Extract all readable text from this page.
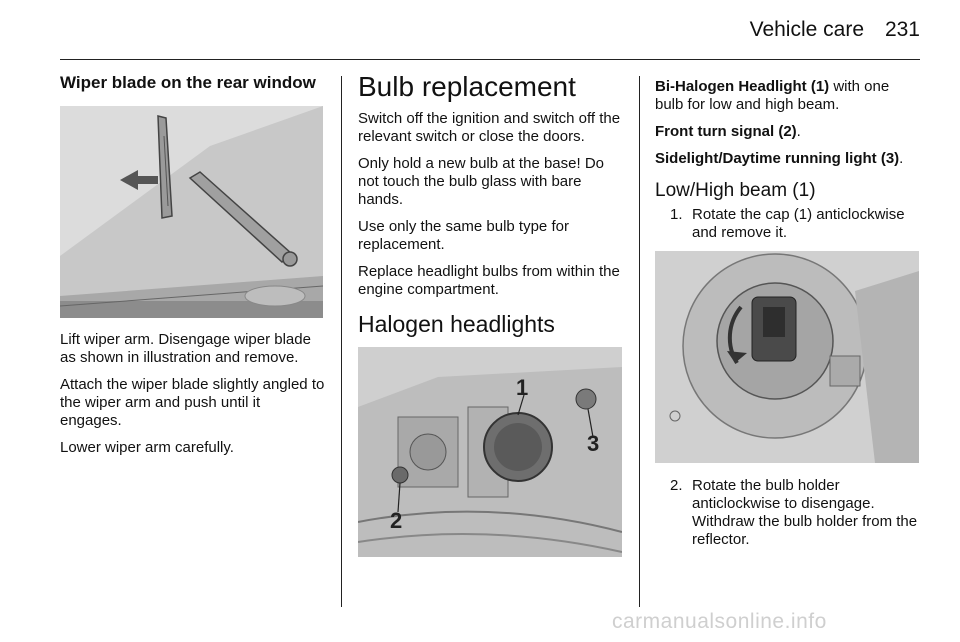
Vehicle care 231
Wiper blade on the rear window

Lift wiper arm. Disengage wiper blade as shown in illustration and remove.

Attach the wiper blade slightly angled to the wiper arm and push until it engages.

Lower wiper arm carefully.

Bulb replacement

Switch off the ignition and switch off the relevant switch or close the doors.

Only hold a new bulb at the base! Do not touch the bulb glass with bare hands.

Use only the same bulb type for replacement.

Replace headlight bulbs from within the engine compartment.

Halogen headlights
1
3
2

Bi-Halogen Headlight (1) with one bulb for low and high beam.

Front turn signal (2).

Sidelight/Daytime running light (3).

Low/High beam (1)
1. Rotate the cap (1) anticlockwise and remove it.
2. Rotate the bulb holder anticlockwise to disengage. Withdraw the bulb holder from the reflector.
carmanualsonline.info
